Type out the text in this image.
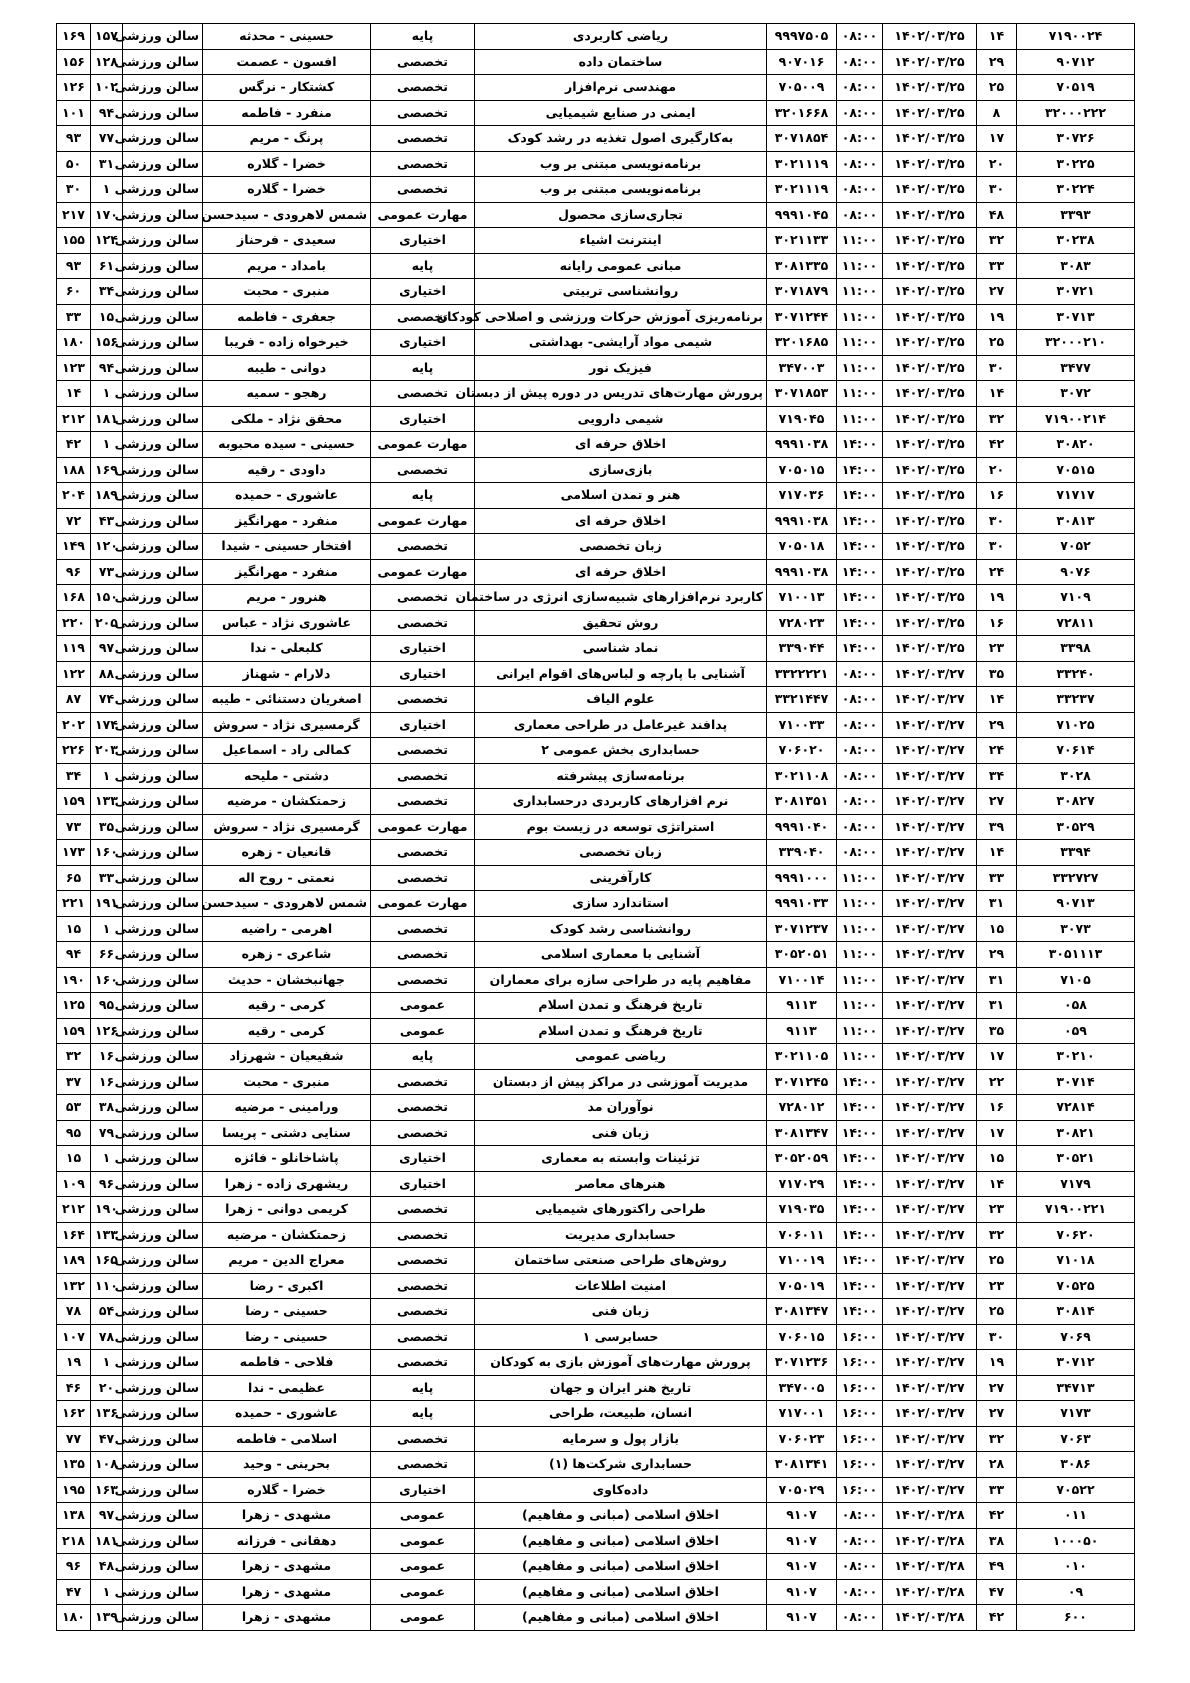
۱۶۹	۱۵۷	سالن ورزشی	حسینی - محدثه	پایه	ریاضی کاربردی	۹۹۹۷۵۰۵	۰۸:۰۰	۱۴۰۲/۰۳/۲۵	۱۴	۷۱۹۰۰۲۴
۱۵۶	۱۲۸	سالن ورزشی	افسون - عصمت	تخصصی	ساختمان داده	۹۰۷۰۱۶	۰۸:۰۰	۱۴۰۲/۰۳/۲۵	۲۹	۹۰۷۱۲
۱۲۶	۱۰۲	سالن ورزشی	کشتکار - نرگس	تخصصی	مهندسی نرم‌افزار	۷۰۵۰۰۹	۰۸:۰۰	۱۴۰۲/۰۳/۲۵	۲۵	۷۰۵۱۹
۱۰۱	۹۴	سالن ورزشی	منفرد - فاطمه	تخصصی	ایمنی در صنایع شیمیایی	۳۲۰۱۶۶۸	۰۸:۰۰	۱۴۰۲/۰۳/۲۵	۸	۳۲۰۰۰۲۲۲
۹۳	۷۷	سالن ورزشی	پرنگ - مریم	تخصصی	به‌کارگیری اصول تغذیه در رشد کودک	۳۰۷۱۸۵۴	۰۸:۰۰	۱۴۰۲/۰۳/۲۵	۱۷	۳۰۷۲۶
۵۰	۳۱	سالن ورزشی	خضرا - گلاره	تخصصی	برنامه‌نویسی مبتنی بر وب	۳۰۲۱۱۱۹	۰۸:۰۰	۱۴۰۲/۰۳/۲۵	۲۰	۳۰۲۲۵
۳۰	۱	سالن ورزشی	خضرا - گلاره	تخصصی	برنامه‌نویسی مبتنی بر وب	۳۰۲۱۱۱۹	۰۸:۰۰	۱۴۰۲/۰۳/۲۵	۳۰	۳۰۲۲۴
۲۱۷	۱۷۰	سالن ورزشی	شمس لاهرودی - سیدحسن	مهارت عمومی	تجاری‌سازی محصول	۹۹۹۱۰۴۵	۰۸:۰۰	۱۴۰۲/۰۳/۲۵	۴۸	۳۳۹۳
۱۵۵	۱۲۴	سالن ورزشی	سعیدی - فرحناز	اختیاری	اینترنت اشیاء	۳۰۲۱۱۳۳	۱۱:۰۰	۱۴۰۲/۰۳/۲۵	۳۲	۳۰۲۳۸
۹۳	۶۱	سالن ورزشی	بامداد - مریم	پایه	مبانی عمومی رایانه	۳۰۸۱۳۳۵	۱۱:۰۰	۱۴۰۲/۰۳/۲۵	۳۳	۳۰۸۳
۶۰	۳۴	سالن ورزشی	منبری - محبت	اختیاری	روانشناسی تربیتی	۳۰۷۱۸۷۹	۱۱:۰۰	۱۴۰۲/۰۳/۲۵	۲۷	۳۰۷۲۱
۳۳	۱۵	سالن ورزشی	جعفری - فاطمه	تخصصی	برنامه‌ریزی آموزش حرکات ورزشی و اصلاحی کودکان	۳۰۷۱۲۴۴	۱۱:۰۰	۱۴۰۲/۰۳/۲۵	۱۹	۳۰۷۱۳
۱۸۰	۱۵۶	سالن ورزشی	خیرخواه زاده - فریبا	اختیاری	شیمی مواد آرایشی- بهداشتی	۳۲۰۱۶۸۵	۱۱:۰۰	۱۴۰۲/۰۳/۲۵	۲۵	۳۲۰۰۰۲۱۰
۱۲۳	۹۴	سالن ورزشی	دوانی - طیبه	پایه	فیزیک نور	۳۴۷۰۰۳	۱۱:۰۰	۱۴۰۲/۰۳/۲۵	۳۰	۳۴۷۷
۱۴	۱	سالن ورزشی	رهجو - سمیه	تخصصی	پرورش مهارت‌های تدریس در دوره پیش از دبستان	۳۰۷۱۸۵۳	۱۱:۰۰	۱۴۰۲/۰۳/۲۵	۱۴	۳۰۷۲
۲۱۲	۱۸۱	سالن ورزشی	محقق نژاد - ملکی	اختیاری	شیمی دارویی	۷۱۹۰۴۵	۱۱:۰۰	۱۴۰۲/۰۳/۲۵	۳۲	۷۱۹۰۰۲۱۴
۴۲	۱	سالن ورزشی	حسینی - سیده محبوبه	مهارت عمومی	اخلاق حرفه ای	۹۹۹۱۰۳۸	۱۴:۰۰	۱۴۰۲/۰۳/۲۵	۴۲	۳۰۸۲۰
۱۸۸	۱۶۹	سالن ورزشی	داودی - رقیه	تخصصی	بازی‌سازی	۷۰۵۰۱۵	۱۴:۰۰	۱۴۰۲/۰۳/۲۵	۲۰	۷۰۵۱۵
۲۰۴	۱۸۹	سالن ورزشی	عاشوری - حمیده	پایه	هنر و تمدن اسلامی	۷۱۷۰۳۶	۱۴:۰۰	۱۴۰۲/۰۳/۲۵	۱۶	۷۱۷۱۷
۷۲	۴۳	سالن ورزشی	منفرد - مهرانگیز	مهارت عمومی	اخلاق حرفه ای	۹۹۹۱۰۳۸	۱۴:۰۰	۱۴۰۲/۰۳/۲۵	۳۰	۳۰۸۱۳
۱۴۹	۱۲۰	سالن ورزشی	افتخار حسینی - شیدا	تخصصی	زبان تخصصی	۷۰۵۰۱۸	۱۴:۰۰	۱۴۰۲/۰۳/۲۵	۳۰	۷۰۵۲
۹۶	۷۳	سالن ورزشی	منفرد - مهرانگیز	مهارت عمومی	اخلاق حرفه ای	۹۹۹۱۰۳۸	۱۴:۰۰	۱۴۰۲/۰۳/۲۵	۲۴	۹۰۷۶
۱۶۸	۱۵۰	سالن ورزشی	هنرور - مریم	تخصصی	کاربرد نرم‌افزارهای شبیه‌سازی انرژی در ساختمان	۷۱۰۰۱۳	۱۴:۰۰	۱۴۰۲/۰۳/۲۵	۱۹	۷۱۰۹
۲۲۰	۲۰۵	سالن ورزشی	عاشوری نژاد - عباس	تخصصی	روش تحقیق	۷۲۸۰۲۳	۱۴:۰۰	۱۴۰۲/۰۳/۲۵	۱۶	۷۲۸۱۱
۱۱۹	۹۷	سالن ورزشی	کلبعلی - ندا	اختیاری	نماد شناسی	۳۳۹۰۴۴	۱۴:۰۰	۱۴۰۲/۰۳/۲۵	۲۳	۳۳۹۸
۱۲۲	۸۸	سالن ورزشی	دلارام - شهناز	اختیاری	آشنایی با پارچه و لباس‌های اقوام ایرانی	۳۳۲۲۲۲۱	۰۸:۰۰	۱۴۰۲/۰۳/۲۷	۳۵	۳۳۲۴۰
۸۷	۷۴	سالن ورزشی	اصغریان دستنائی - طیبه	تخصصی	علوم الیاف	۳۳۲۱۴۴۷	۰۸:۰۰	۱۴۰۲/۰۳/۲۷	۱۴	۳۳۲۳۷
۲۰۲	۱۷۴	سالن ورزشی	گرمسیری نژاد - سروش	اختیاری	پدافند غیرعامل در طراحی معماری	۷۱۰۰۳۳	۰۸:۰۰	۱۴۰۲/۰۳/۲۷	۲۹	۷۱۰۲۵
۲۲۶	۲۰۳	سالن ورزشی	کمالی راد - اسماعیل	تخصصی	حسابداری بخش عمومی ۲	۷۰۶۰۲۰	۰۸:۰۰	۱۴۰۲/۰۳/۲۷	۲۴	۷۰۶۱۴
۳۴	۱	سالن ورزشی	دشتی - ملیحه	تخصصی	برنامه‌سازی پیشرفته	۳۰۲۱۱۰۸	۰۸:۰۰	۱۴۰۲/۰۳/۲۷	۳۴	۳۰۲۸
۱۵۹	۱۳۳	سالن ورزشی	زحمتکشان - مرضیه	تخصصی	نرم افزارهای کاربردی درحسابداری	۳۰۸۱۳۵۱	۰۸:۰۰	۱۴۰۲/۰۳/۲۷	۲۷	۳۰۸۲۷
۷۳	۳۵	سالن ورزشی	گرمسیری نژاد - سروش	مهارت عمومی	استراتژی توسعه در زیست بوم	۹۹۹۱۰۴۰	۰۸:۰۰	۱۴۰۲/۰۳/۲۷	۳۹	۳۰۵۲۹
۱۷۳	۱۶۰	سالن ورزشی	قانعیان - زهره	تخصصی	زبان تخصصی	۳۳۹۰۴۰	۰۸:۰۰	۱۴۰۲/۰۳/۲۷	۱۴	۳۳۹۴
۶۵	۳۳	سالن ورزشی	نعمتی - روح اله	تخصصی	کارآفرینی	۹۹۹۱۰۰۰	۱۱:۰۰	۱۴۰۲/۰۳/۲۷	۳۳	۳۳۲۷۲۷
۲۲۱	۱۹۱	سالن ورزشی	شمس لاهرودی - سیدحسن	مهارت عمومی	استاندارد سازی	۹۹۹۱۰۳۳	۱۱:۰۰	۱۴۰۲/۰۳/۲۷	۳۱	۹۰۷۱۳
۱۵	۱	سالن ورزشی	اهرمی - راضیه	تخصصی	روانشناسی رشد کودک	۳۰۷۱۲۳۷	۱۱:۰۰	۱۴۰۲/۰۳/۲۷	۱۵	۳۰۷۳
۹۴	۶۶	سالن ورزشی	شاعری - زهره	تخصصی	آشنایی با معماری اسلامی	۳۰۵۲۰۵۱	۱۱:۰۰	۱۴۰۲/۰۳/۲۷	۲۹	۳۰۵۱۱۱۳
۱۹۰	۱۶۰	سالن ورزشی	جهانبخشان - حدیث	تخصصی	مفاهیم پایه در طراحی سازه برای معماران	۷۱۰۰۱۴	۱۱:۰۰	۱۴۰۲/۰۳/۲۷	۳۱	۷۱۰۵
۱۲۵	۹۵	سالن ورزشی	کرمی - رقیه	عمومی	تاریخ فرهنگ و تمدن اسلام	۹۱۱۳	۱۱:۰۰	۱۴۰۲/۰۳/۲۷	۳۱	۰۵۸
۱۵۹	۱۲۶	سالن ورزشی	کرمی - رقیه	عمومی	تاریخ فرهنگ و تمدن اسلام	۹۱۱۳	۱۱:۰۰	۱۴۰۲/۰۳/۲۷	۳۵	۰۵۹
۳۲	۱۶	سالن ورزشی	شفیعیان - شهرزاد	پایه	ریاضی عمومی	۳۰۲۱۱۰۵	۱۱:۰۰	۱۴۰۲/۰۳/۲۷	۱۷	۳۰۲۱۰
۳۷	۱۶	سالن ورزشی	منبری - محبت	تخصصی	مدیریت آموزشی در مراکز پیش از دبستان	۳۰۷۱۲۴۵	۱۴:۰۰	۱۴۰۲/۰۳/۲۷	۲۲	۳۰۷۱۴
۵۳	۳۸	سالن ورزشی	ورامینی - مرضیه	تخصصی	نوآوران مد	۷۲۸۰۱۲	۱۴:۰۰	۱۴۰۲/۰۳/۲۷	۱۶	۷۲۸۱۴
۹۵	۷۹	سالن ورزشی	سنایی دشتی - پریسا	تخصصی	زبان فنی	۳۰۸۱۳۴۷	۱۴:۰۰	۱۴۰۲/۰۳/۲۷	۱۷	۳۰۸۲۱
۱۵	۱	سالن ورزشی	پاشاخانلو - فائزه	اختیاری	تزئینات وابسته به معماری	۳۰۵۲۰۵۹	۱۴:۰۰	۱۴۰۲/۰۳/۲۷	۱۵	۳۰۵۲۱
۱۰۹	۹۶	سالن ورزشی	ریشهری زاده - زهرا	اختیاری	هنرهای معاصر	۷۱۷۰۲۹	۱۴:۰۰	۱۴۰۲/۰۳/۲۷	۱۴	۷۱۷۹
۲۱۲	۱۹۰	سالن ورزشی	کریمی دوانی - زهرا	تخصصی	طراحی راکتورهای شیمیایی	۷۱۹۰۳۵	۱۴:۰۰	۱۴۰۲/۰۳/۲۷	۲۳	۷۱۹۰۰۲۲۱
۱۶۴	۱۳۳	سالن ورزشی	زحمتکشان - مرضیه	تخصصی	حسابداری مدیریت	۷۰۶۰۱۱	۱۴:۰۰	۱۴۰۲/۰۳/۲۷	۳۲	۷۰۶۲۰
۱۸۹	۱۶۵	سالن ورزشی	معراج الدین - مریم	تخصصی	روش‌های طراحی صنعتی ساختمان	۷۱۰۰۱۹	۱۴:۰۰	۱۴۰۲/۰۳/۲۷	۲۵	۷۱۰۱۸
۱۳۲	۱۱۰	سالن ورزشی	اکبری - رضا	تخصصی	امنیت اطلاعات	۷۰۵۰۱۹	۱۴:۰۰	۱۴۰۲/۰۳/۲۷	۲۳	۷۰۵۲۵
۷۸	۵۴	سالن ورزشی	حسینی - رضا	تخصصی	زبان فنی	۳۰۸۱۳۴۷	۱۴:۰۰	۱۴۰۲/۰۳/۲۷	۲۵	۳۰۸۱۴
۱۰۷	۷۸	سالن ورزشی	حسینی - رضا	تخصصی	حسابرسی ۱	۷۰۶۰۱۵	۱۶:۰۰	۱۴۰۲/۰۳/۲۷	۳۰	۷۰۶۹
۱۹	۱	سالن ورزشی	فلاحی - فاطمه	تخصصی	پرورش مهارت‌های آموزش بازی به کودکان	۳۰۷۱۲۳۶	۱۶:۰۰	۱۴۰۲/۰۳/۲۷	۱۹	۳۰۷۱۲
۴۶	۲۰	سالن ورزشی	عظیمی - ندا	پایه	تاریخ هنر ایران و جهان	۳۴۷۰۰۵	۱۶:۰۰	۱۴۰۲/۰۳/۲۷	۲۷	۳۴۷۱۳
۱۶۲	۱۳۶	سالن ورزشی	عاشوری - حمیده	پایه	انسان، طبیعت، طراحی	۷۱۷۰۰۱	۱۶:۰۰	۱۴۰۲/۰۳/۲۷	۲۷	۷۱۷۳
۷۷	۴۷	سالن ورزشی	اسلامی - فاطمه	تخصصی	بازار پول و سرمایه	۷۰۶۰۲۳	۱۶:۰۰	۱۴۰۲/۰۳/۲۷	۳۲	۷۰۶۳
۱۳۵	۱۰۸	سالن ورزشی	بحرینی - وحید	تخصصی	حسابداری شرکت‌ها (۱)	۳۰۸۱۳۴۱	۱۶:۰۰	۱۴۰۲/۰۳/۲۷	۲۸	۳۰۸۶
۱۹۵	۱۶۳	سالن ورزشی	خضرا - گلاره	اختیاری	داده‌کاوی	۷۰۵۰۲۹	۱۶:۰۰	۱۴۰۲/۰۳/۲۷	۳۳	۷۰۵۲۲
۱۳۸	۹۷	سالن ورزشی	مشهدی - زهرا	عمومی	اخلاق اسلامی (مبانی و مفاهیم)	۹۱۰۷	۰۸:۰۰	۱۴۰۲/۰۳/۲۸	۴۲	۰۱۱
۲۱۸	۱۸۱	سالن ورزشی	دهقانی - فرزانه	عمومی	اخلاق اسلامی (مبانی و مفاهیم)	۹۱۰۷	۰۸:۰۰	۱۴۰۲/۰۳/۲۸	۳۸	۱۰۰۰۵۰
۹۶	۴۸	سالن ورزشی	مشهدی - زهرا	عمومی	اخلاق اسلامی (مبانی و مفاهیم)	۹۱۰۷	۰۸:۰۰	۱۴۰۲/۰۳/۲۸	۴۹	۰۱۰
۴۷	۱	سالن ورزشی	مشهدی - زهرا	عمومی	اخلاق اسلامی (مبانی و مفاهیم)	۹۱۰۷	۰۸:۰۰	۱۴۰۲/۰۳/۲۸	۴۷	۰۹
۱۸۰	۱۳۹	سالن ورزشی	مشهدی - زهرا	عمومی	اخلاق اسلامی (مبانی و مفاهیم)	۹۱۰۷	۰۸:۰۰	۱۴۰۲/۰۳/۲۸	۴۲	۶۰۰
